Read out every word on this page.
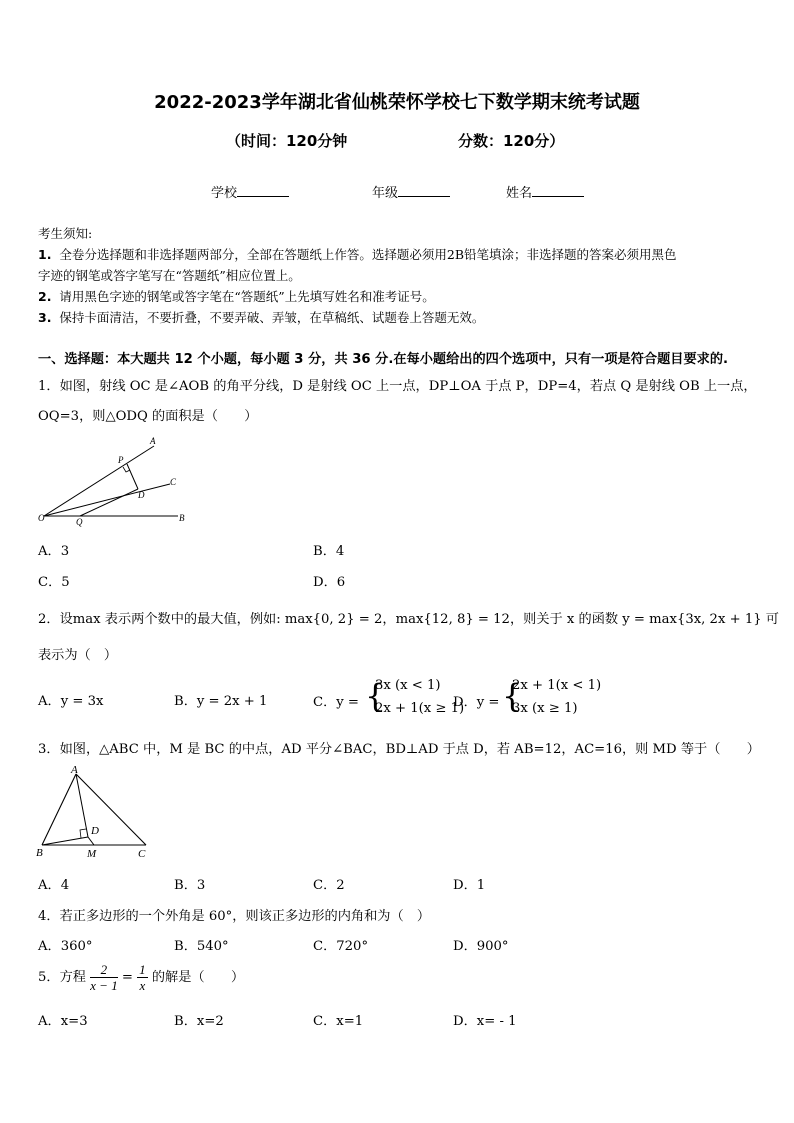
2022-2023学年湖北省仙桃荣怀学校七下数学期末统考试题
（时间：120分钟	分数：120分）
学校	年级	姓名
考生须知:
1. 全卷分选择题和非选择题两部分，全部在答题纸上作答。选择题必须用2B铅笔填涂；非选择题的答案必须用黑色
字迹的钢笔或答字笔写在“答题纸”相应位置上。
2. 请用黑色字迹的钢笔或答字笔在“答题纸”上先填写姓名和准考证号。
3. 保持卡面清洁，不要折叠，不要弄破、弄皱，在草稿纸、试题卷上答题无效。
一、选择题：本大题共 12 个小题，每小题 3 分，共 36 分.在每小题给出的四个选项中，只有一项是符合题目要求的.
1．如图，射线 OC 是∠AOB 的角平分线，D 是射线 OC 上一点，DP⊥OA 于点 P，DP=4，若点 Q 是射线 OB 上一点，
OQ=3，则△ODQ 的面积是（　　）
A
P
C
D
O	Q	B
A．3	B．4
C．5	D．6
2．设max 表示两个数中的最大值，例如: max{0, 2} = 2，max{12, 8} = 12，则关于 x 的函数 y = max{3x, 2x + 1} 可
表示为（　）
A．y = 3x	B．y = 2x + 1	C．y = {
3x (x < 1)
2x + 1(x ≥ 1)
D．y = {
2x + 1(x < 1)
3x (x ≥ 1)
3．如图，△ABC 中，M 是 BC 的中点，AD 平分∠BAC，BD⊥AD 于点 D，若 AB=12，AC=16，则 MD 等于（　　）
A
D
B	M	C
A．4	B．3	C．2	D．1
4．若正多边形的一个外角是 60°，则该正多边形的内角和为（　）
A．360°	B．540°	C．720°	D．900°
5．方程 $\frac{2}{x - 1} = \frac{1}{x}$ 的解是（　　）
A．x=3	B．x=2	C．x=1	D．x= - 1
